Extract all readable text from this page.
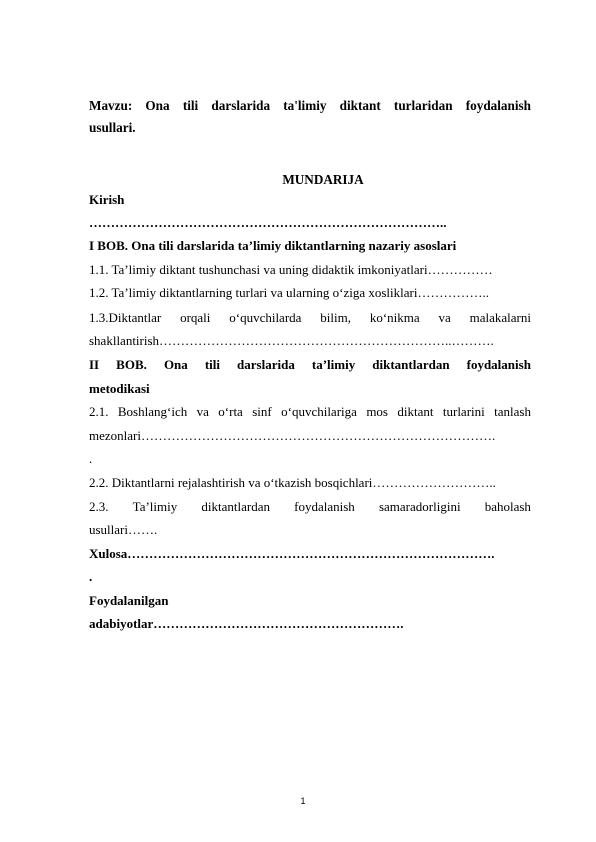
Mavzu: Ona tili darslarida ta'limiy diktant turlaridan foydalanish usullari.
MUNDARIJA
Kirish
………………………………………………………………………..
I BOB. Ona tili darslarida ta’limiy diktantlarning nazariy asoslari
1.1. Ta’limiy diktant tushunchasi va uning didaktik imkoniyatlari……………
1.2. Ta’limiy diktantlarning turlari va ularning o‘ziga xosliklari……………..
1.3.Diktantlar orqali o‘quvchilarda bilim, ko‘nikma va malakalarni
shakllantirish…………………………………………………………..……….
II BOB. Ona tili darslarida ta’limiy diktantlardan foydalanish
metodikasi
2.1. Boshlang‘ich va o‘rta sinf o‘quvchilariga mos diktant turlarini tanlash
mezonlari……………………………………………………………………….
.
2.2. Diktantlarni rejalashtirish va o‘tkazish bosqichlari………………………..
2.3. Ta’limiy diktantlardan foydalanish samaradorligini baholash
usullari…….
Xulosa………………………………………………………………………….
.
Foydalanilgan
adabiyotlar………………………………………………….
1
